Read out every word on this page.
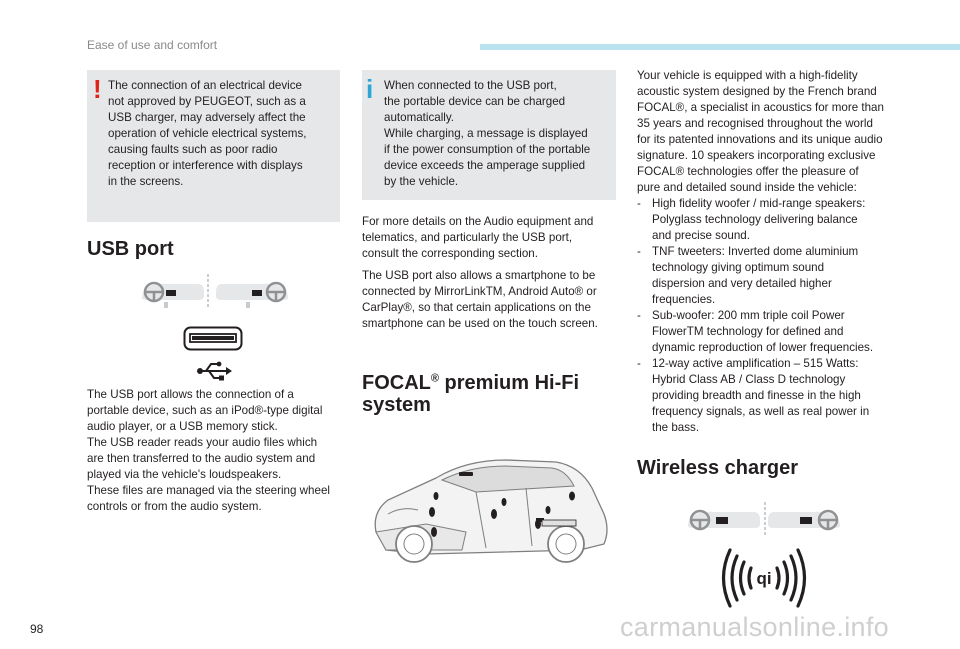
Ease of use and comfort
! The connection of an electrical device
not approved by PEUGEOT, such as a
USB charger, may adversely affect the
operation of vehicle electrical systems,
causing faults such as poor radio
reception or interference with displays
in the screens.
USB port

The USB port allows the connection of a
portable device, such as an iPod®-type digital
audio player, or a USB memory stick.
The USB reader reads your audio files which
are then transferred to the audio system and
played via the vehicle's loudspeakers.
These files are managed via the steering wheel
controls or from the audio system.

i When connected to the USB port,
the portable device can be charged
automatically.
While charging, a message is displayed
if the power consumption of the portable
device exceeds the amperage supplied
by the vehicle.

For more details on the Audio equipment and
telematics, and particularly the USB port,
consult the corresponding section.

The USB port also allows a smartphone to be
connected by MirrorLinkTM, Android Auto® or
CarPlay®, so that certain applications on the
smartphone can be used on the touch screen.

FOCAL® premium Hi-Fi
system

Your vehicle is equipped with a high-fidelity
acoustic system designed by the French brand
FOCAL®, a specialist in acoustics for more than
35 years and recognised throughout the world
for its patented innovations and its unique audio
signature. 10 speakers incorporating exclusive
FOCAL® technologies offer the pleasure of
pure and detailed sound inside the vehicle:

- High fidelity woofer / mid-range speakers:
Polyglass technology delivering balance
and precise sound.
- TNF tweeters: Inverted dome aluminium
technology giving optimum sound
dispersion and very detailed higher
frequencies.
- Sub-woofer: 200 mm triple coil Power
FlowerTM technology for defined and
dynamic reproduction of lower frequencies.
- 12-way active amplification – 515 Watts:
Hybrid Class AB / Class D technology
providing breadth and finesse in the high
frequency signals, as well as real power in
the bass.
Wireless charger
qi
98	carmanualsonline.info
